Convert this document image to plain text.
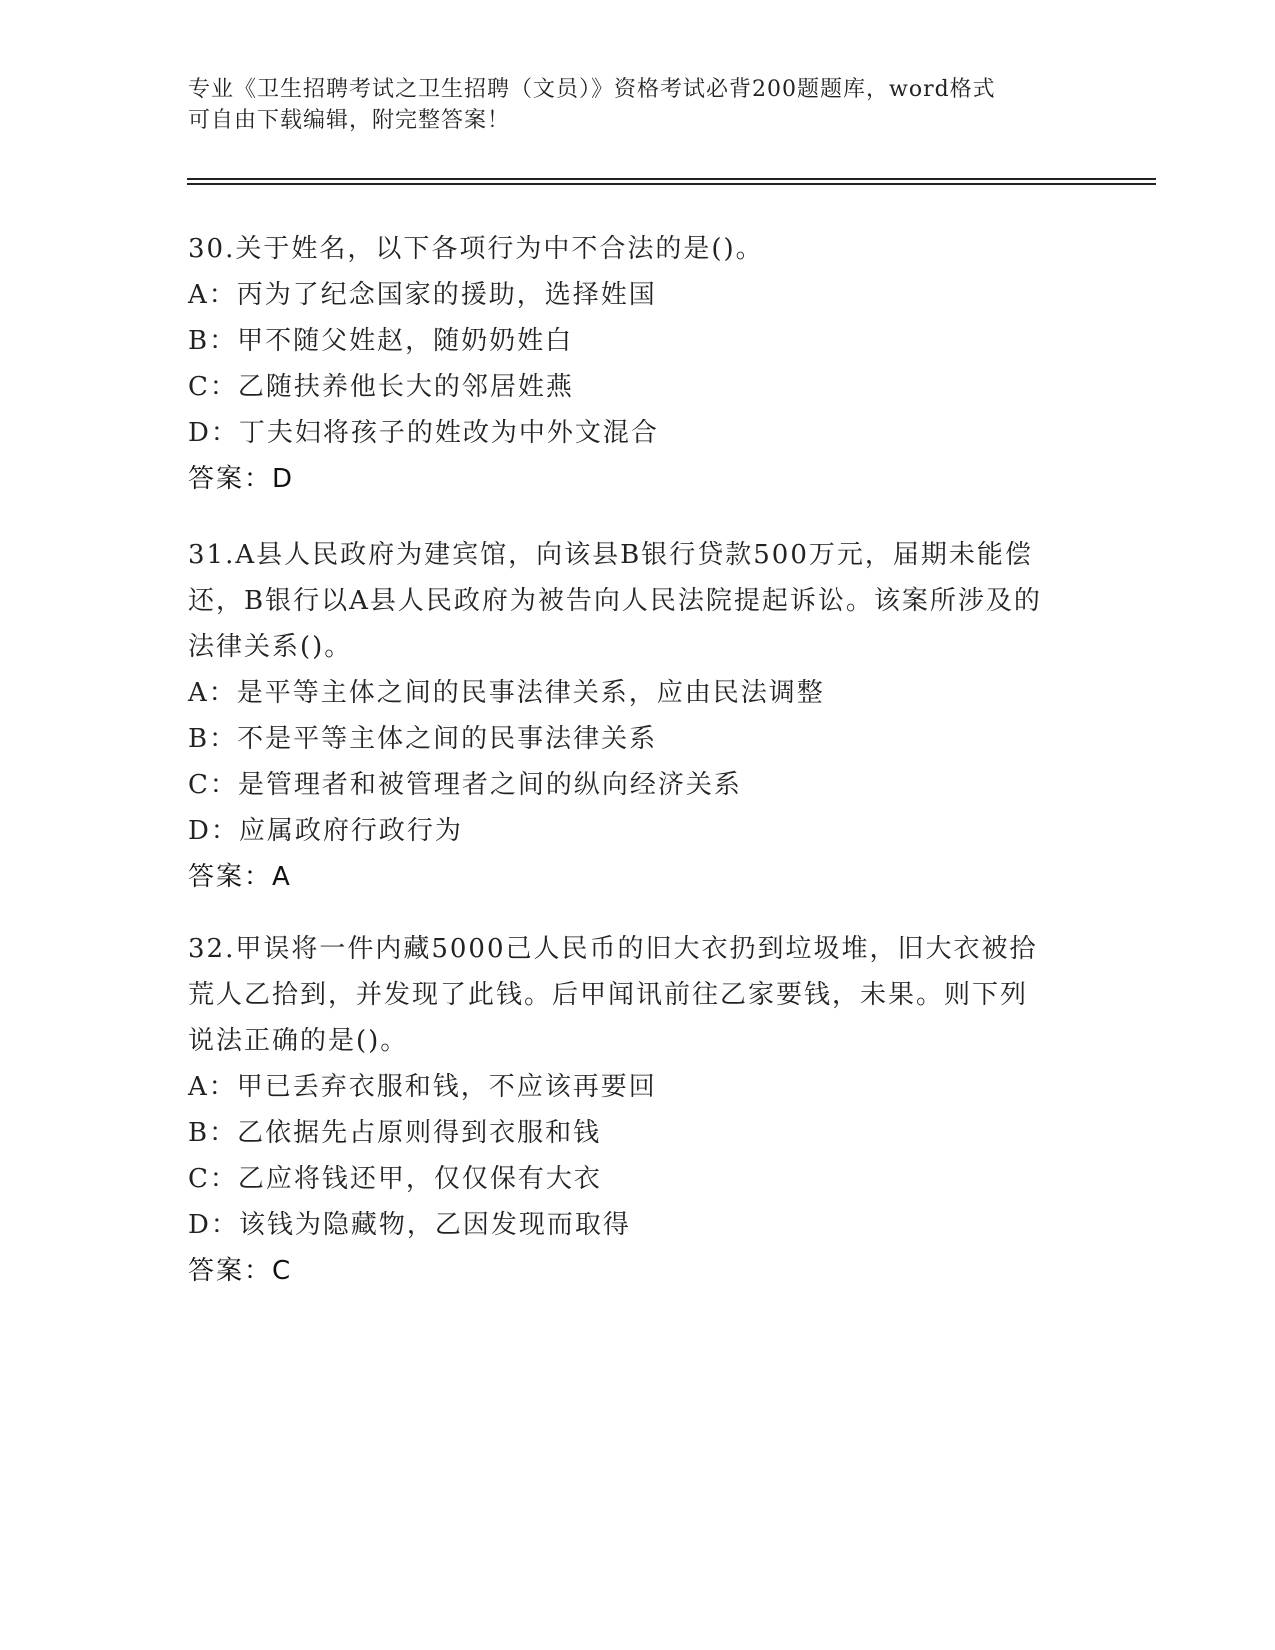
专业《卫生招聘考试之卫生招聘（文员）》资格考试必背200题题库，word格式
可自由下载编辑，附完整答案！
30.关于姓名，以下各项行为中不合法的是()。
A：丙为了纪念国家的援助，选择姓国
B：甲不随父姓赵，随奶奶姓白
C：乙随扶养他长大的邻居姓燕
D：丁夫妇将孩子的姓改为中外文混合
答案：D
31.A县人民政府为建宾馆，向该县B银行贷款500万元，届期未能偿
还，B银行以A县人民政府为被告向人民法院提起诉讼。该案所涉及的
法律关系()。
A：是平等主体之间的民事法律关系，应由民法调整
B：不是平等主体之间的民事法律关系
C：是管理者和被管理者之间的纵向经济关系
D：应属政府行政行为
答案：A
32.甲误将一件内藏5000己人民币的旧大衣扔到垃圾堆，旧大衣被拾
荒人乙拾到，并发现了此钱。后甲闻讯前往乙家要钱，未果。则下列
说法正确的是()。
A：甲已丢弃衣服和钱，不应该再要回
B：乙依据先占原则得到衣服和钱
C：乙应将钱还甲，仅仅保有大衣
D：该钱为隐藏物，乙因发现而取得
答案：C
